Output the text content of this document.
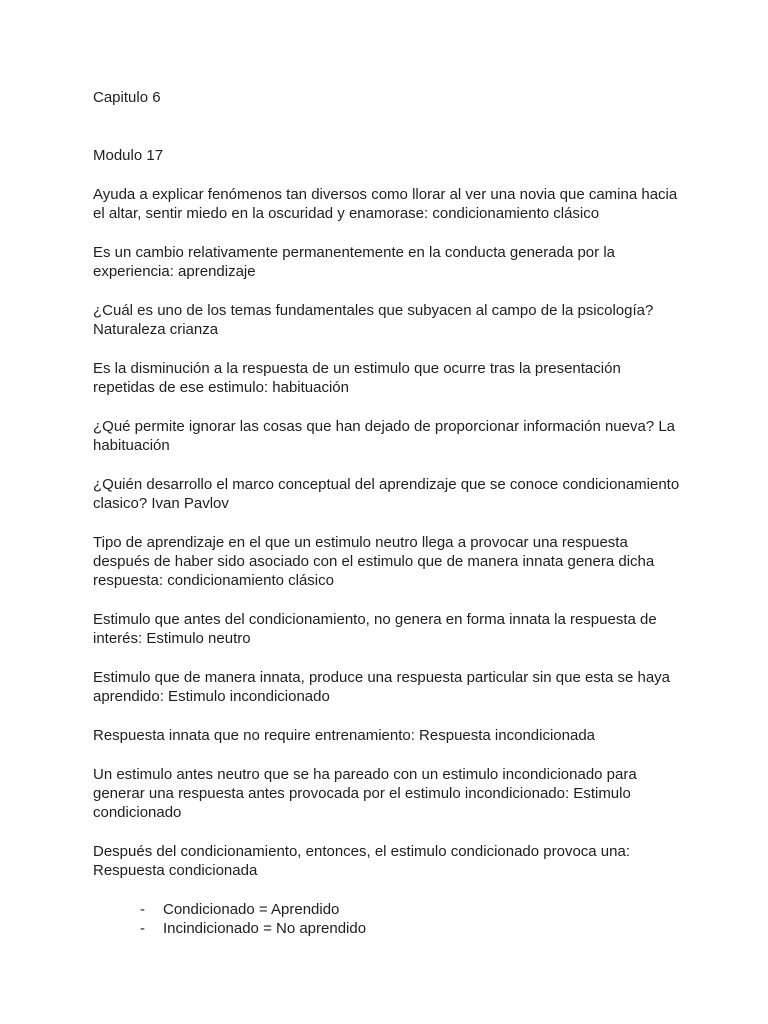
Capitulo 6

Modulo 17

Ayuda a explicar fenómenos tan diversos como llorar al ver una novia que camina hacia el altar, sentir miedo en la oscuridad y enamorase: condicionamiento clásico

Es un cambio relativamente permanentemente en la conducta generada por la experiencia: aprendizaje

¿Cuál es uno de los temas fundamentales que subyacen al campo de la psicología? Naturaleza crianza

Es la disminución a la respuesta de un estimulo que ocurre tras la presentación repetidas de ese estimulo: habituación

¿Qué permite ignorar las cosas que han dejado de proporcionar información nueva? La habituación

¿Quién desarrollo el marco conceptual del aprendizaje que se conoce condicionamiento clasico? Ivan Pavlov

Tipo de aprendizaje en el que un estimulo neutro llega a provocar una respuesta después de haber sido asociado con el estimulo que de manera innata genera dicha respuesta: condicionamiento clásico

Estimulo que antes del condicionamiento, no genera en forma innata la respuesta de interés: Estimulo neutro

Estimulo que de manera innata, produce una respuesta particular sin que esta se haya aprendido: Estimulo incondicionado

Respuesta innata que no require entrenamiento: Respuesta incondicionada

Un estimulo antes neutro que se ha pareado con un estimulo incondicionado para generar una respuesta antes provocada por el estimulo incondicionado: Estimulo condicionado

Después del condicionamiento, entonces, el estimulo condicionado provoca una: Respuesta condicionada

- Condicionado = Aprendido
- Incindicionado = No aprendido
